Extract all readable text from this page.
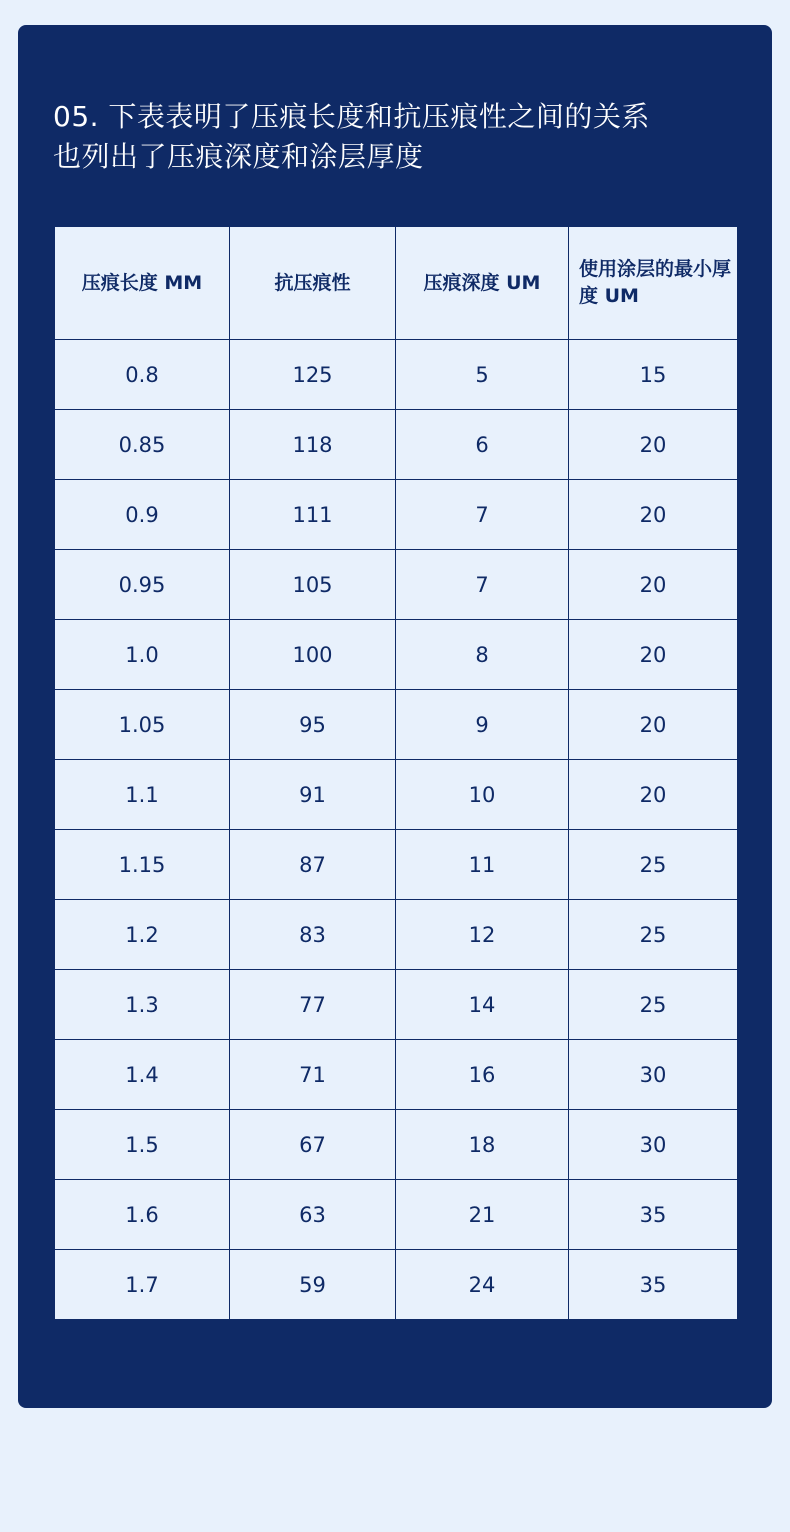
05. 下表表明了压痕长度和抗压痕性之间的关系
也列出了压痕深度和涂层厚度
压痕长度 MM	抗压痕性	压痕深度 UM	使用涂层的最小厚度 UM
0.8	125	5	15
0.85	118	6	20
0.9	111	7	20
0.95	105	7	20
1.0	100	8	20
1.05	95	9	20
1.1	91	10	20
1.15	87	11	25
1.2	83	12	25
1.3	77	14	25
1.4	71	16	30
1.5	67	18	30
1.6	63	21	35
1.7	59	24	35
